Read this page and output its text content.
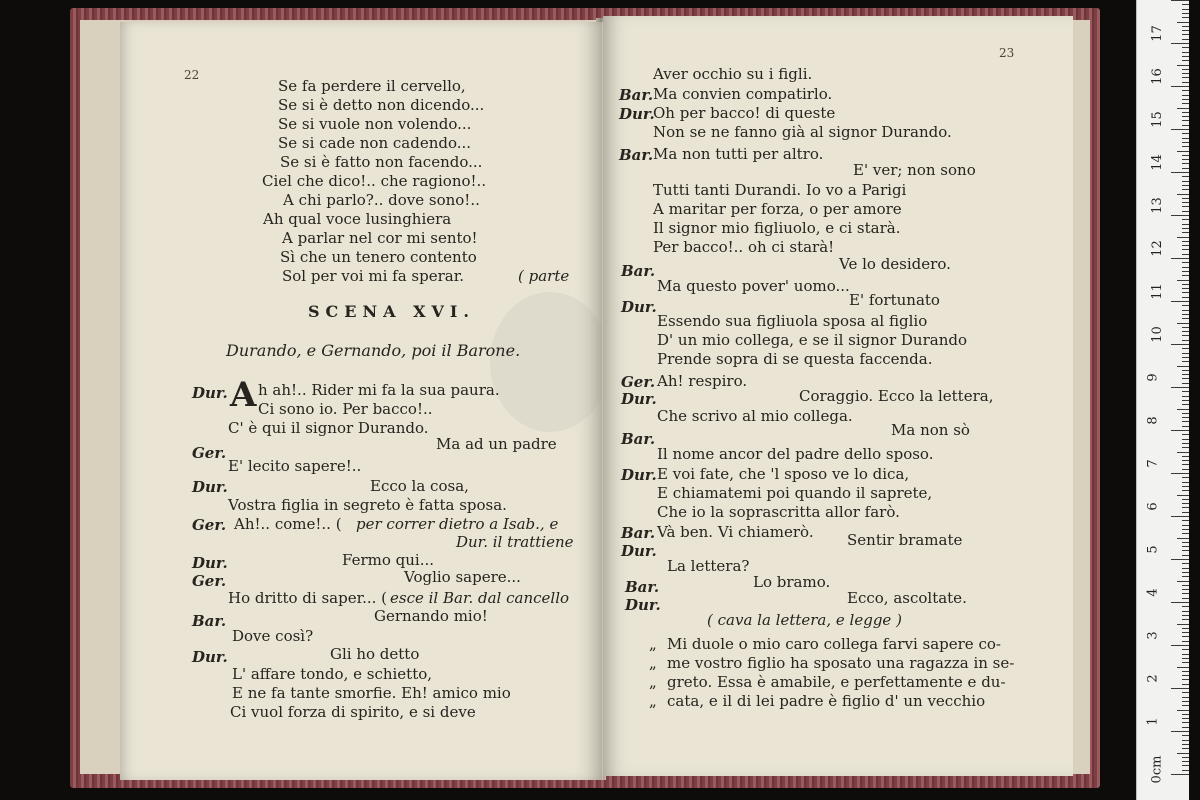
22
Se fa perdere il cervello,
Se si è detto non dicendo...
Se si vuole non volendo...
Se si cade non cadendo...
Se si è fatto non facendo...
Ciel che dico!.. che ragiono!..
A chi parlo?.. dove sono!..
Ah qual voce lusinghiera
A parlar nel cor mi sento!
Sì che un tenero contento
Sol per voi mi fa sperar.	( parte
SCENA XVI.
Durando, e Gernando, poi il Barone.
Dur. A h ah!.. Rider mi fa la sua paura.
Ci sono io. Per bacco!..
C' è qui il signor Durando.
Ma ad un padre
Ger.
E' lecito sapere!..
Dur.	Ecco la cosa,
Vostra figlia in segreto è fatta sposa.
Ger. Ah!.. come!.. ( per correr dietro a Isab., e
Dur. il trattiene
Dur.	Fermo qui...
Ger.	Voglio sapere...
Ho dritto di saper... ( esce il Bar. dal cancello
Bar.	Gernando mio!
Dove così?
Dur.	Gli ho detto
L' affare tondo, e schietto,
E ne fa tante smorfie. Eh! amico mio
Ci vuol forza di spirito, e si deve
23
Aver occhio su i figli.
Bar. Ma convien compatirlo.
Dur.
Oh per bacco! di queste
Non se ne fanno già al signor Durando.
Bar. Ma non tutti per altro.
E' ver; non sono
Tutti tanti Durandi. Io vo a Parigi
A maritar per forza, o per amore
Il signor mio figliuolo, e ci starà.
Per bacco!.. oh ci starà!
Ve lo desidero.
Bar.
Ma questo pover' uomo...
E' fortunato
Dur.
Essendo sua figliuola sposa al figlio
D' un mio collega, e se il signor Durando
Prende sopra di se questa faccenda.
Ger. Ah! respiro.
Dur.	Coraggio. Ecco la lettera,
Che scrivo al mio collega.
Ma non sò
Bar.
Il nome ancor del padre dello sposo.
Dur. E voi fate, che 'l sposo ve lo dica,
E chiamatemi poi quando il saprete,
Che io la soprascritta allor farò.
Bar. Và ben. Vi chiamerò. Sentir bramate
Dur.
La lettera?
Lo bramo.
Bar.
Ecco, ascoltate.
Dur.
( cava la lettera, e legge )
„ Mi duole o mio caro collega farvi sapere co-
„ me vostro figlio ha sposato una ragazza in se-
„ greto. Essa è amabile, e perfettamente e du-
„ cata, e il di lei padre è figlio d' un vecchio
17
16
15
14
13
12
11
10
9
8
7
6
5
4
3
2
1
0cm
